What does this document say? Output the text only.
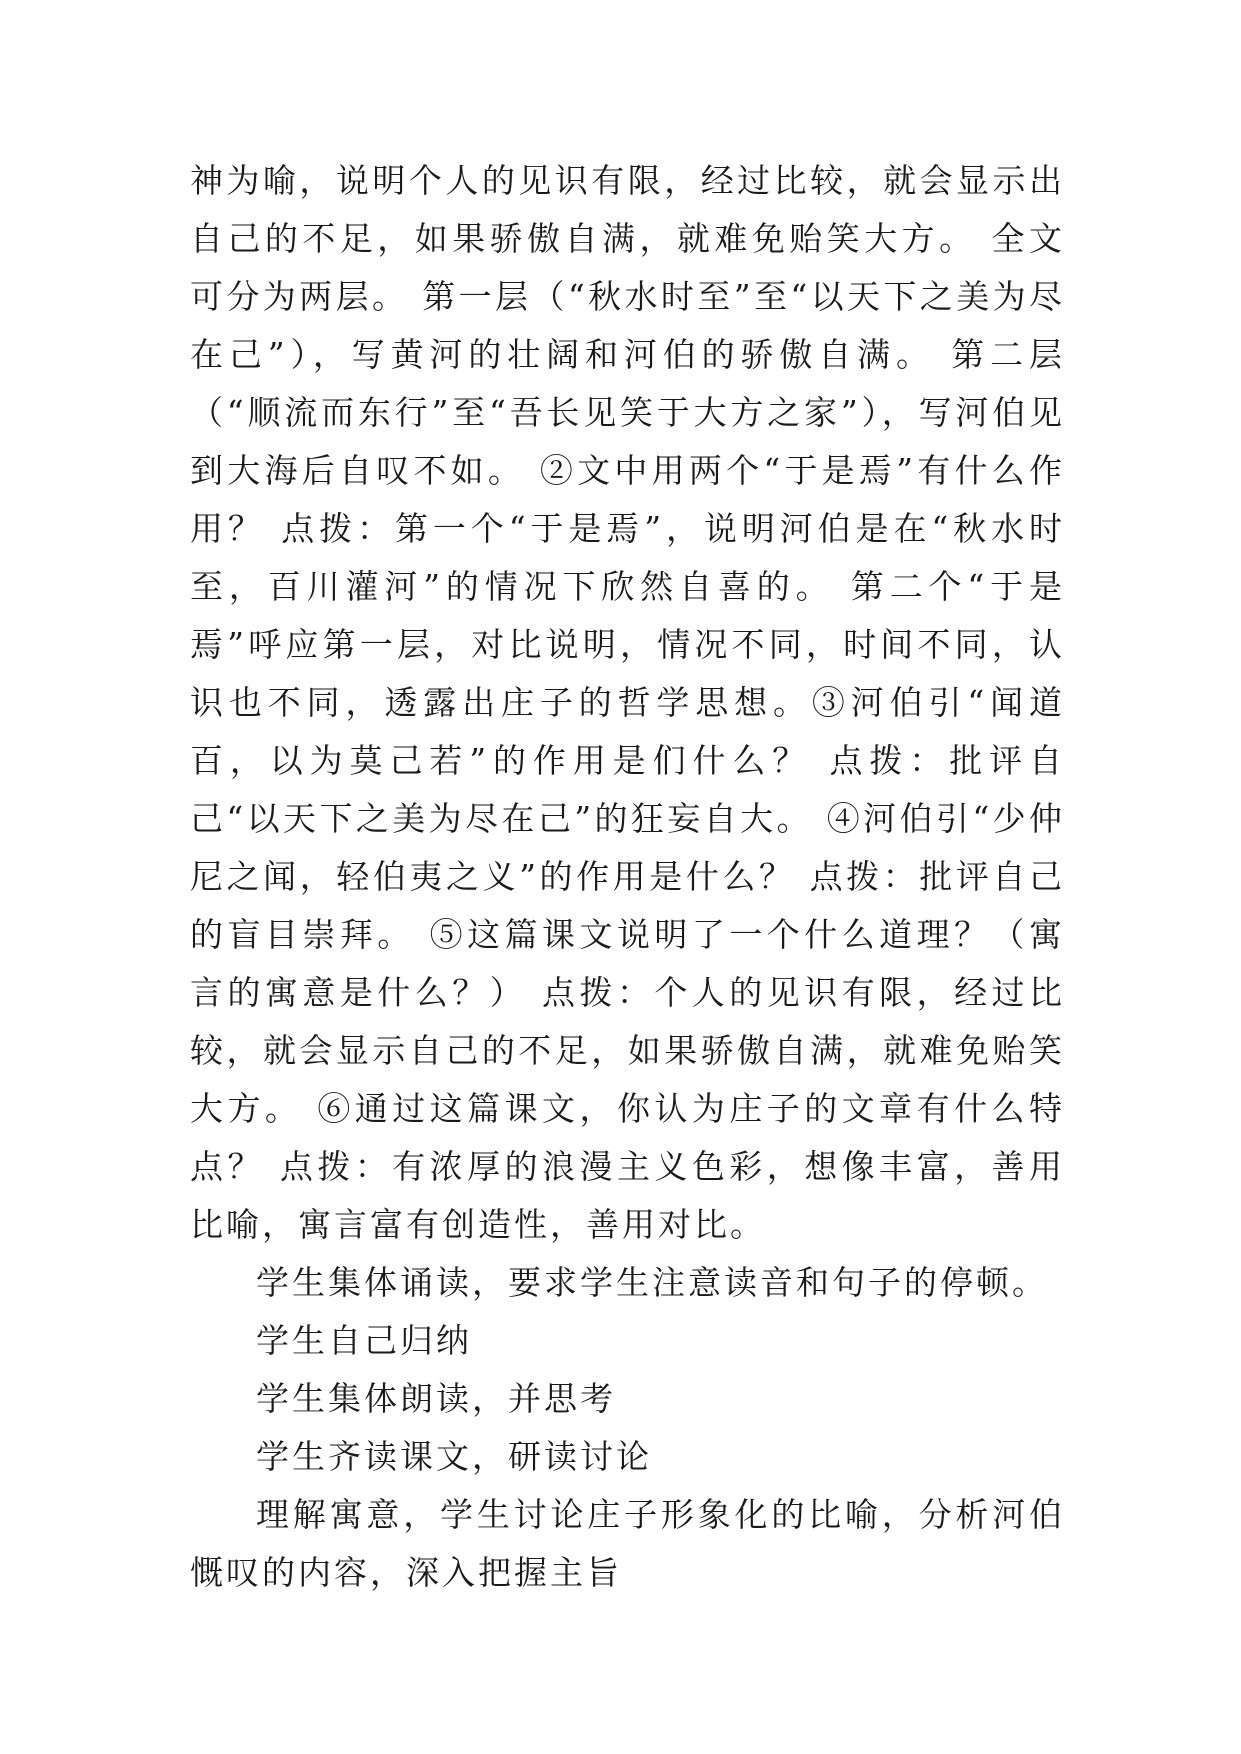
神为喻，说明个人的见识有限，经过比较，就会显示出自己的不足，如果骄傲自满，就难免贻笑大方。 全文可分为两层。 第一层（“秋水时至”至“以天下之美为尽在己”），写黄河的壮阔和河伯的骄傲自满。 第二层（“顺流而东行”至“吾长见笑于大方之家”），写河伯见到大海后自叹不如。 ②文中用两个“于是焉”有什么作用？ 点拨：第一个“于是焉”，说明河伯是在“秋水时至，百川灌河”的情况下欣然自喜的。 第二个“于是焉”呼应第一层，对比说明，情况不同，时间不同，认识也不同，透露出庄子的哲学思想。③河伯引“闻道百，以为莫己若”的作用是们什么？ 点拨：批评自己“以天下之美为尽在己”的狂妄自大。 ④河伯引“少仲尼之闻，轻伯夷之义”的作用是什么？ 点拨：批评自己的盲目崇拜。 ⑤这篇课文说明了一个什么道理？（寓言的寓意是什么？） 点拨：个人的见识有限，经过比较，就会显示自己的不足，如果骄傲自满，就难免贻笑大方。 ⑥通过这篇课文，你认为庄子的文章有什么特点？ 点拨：有浓厚的浪漫主义色彩，想像丰富，善用比喻，寓言富有创造性，善用对比。

学生集体诵读，要求学生注意读音和句子的停顿。

学生自己归纳

学生集体朗读，并思考

学生齐读课文，研读讨论

理解寓意，学生讨论庄子形象化的比喻，分析河伯慨叹的内容，深入把握主旨
